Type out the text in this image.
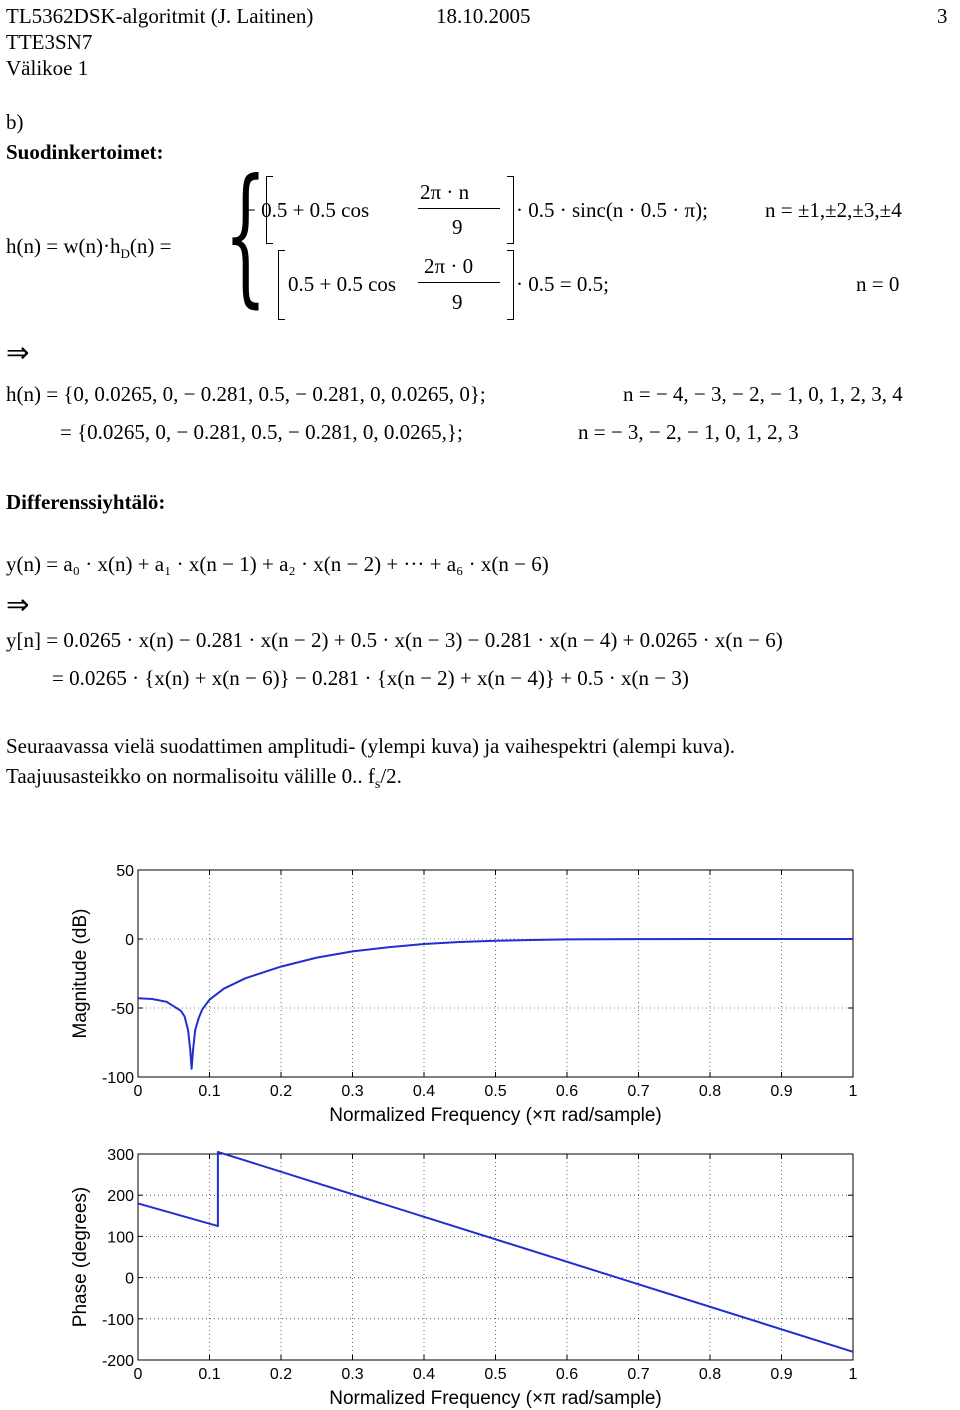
TL5362DSK-algoritmit (J. Laitinen)	18.10.2005	3
TTE3SN7
Välikoe 1
b)
Suodinkertoimet:
$h(n) = w(n)\cdot h_D(n)$ = {
− 0.5 + 0.5 cos
2π · n
9
· 0.5 · sinc(n · 0.5 · π);	n = ±1,±2,±3,±4
0.5 + 0.5 cos
2π · 0
9
· 0.5 = 0.5;	n = 0
⇒
h(n) = {0, 0.0265, 0, − 0.281, 0.5, − 0.281, 0, 0.0265, 0};	n = − 4, − 3, − 2, − 1, 0, 1, 2, 3, 4
= {0.0265, 0, − 0.281, 0.5, − 0.281, 0, 0.0265,};	n = − 3, − 2, − 1, 0, 1, 2, 3
Differenssiyhtälö:
y(n) = a₀ · x(n) + a₁ · x(n − 1) + a₂ · x(n − 2) + ··· + a₆ · x(n − 6)
⇒
y[n] = 0.0265 · x(n) − 0.281 · x(n − 2) + 0.5 · x(n − 3) − 0.281 · x(n − 4) + 0.0265 · x(n − 6)
= 0.0265 · {x(n) + x(n − 6)} − 0.281 · {x(n − 2) + x(n − 4)} + 0.5 · x(n − 3)
Seuraavassa vielä suodattimen amplitudi- (ylempi kuva) ja vaihespektri (alempi kuva).
Taajuusasteikko on normalisoitu välille 0.. $f_s/2$.
0	0.1	0.2	0.3	0.4	0.5	0.6	0.7	0.8	0.9	1
50
0
-50
-100
Normalized Frequency (×π rad/sample)
Magnitude (dB)
0	0.1	0.2	0.3	0.4	0.5	0.6	0.7	0.8	0.9	1
300
200
100
0
-100
-200
Normalized Frequency (×π rad/sample)
Phase (degrees)
